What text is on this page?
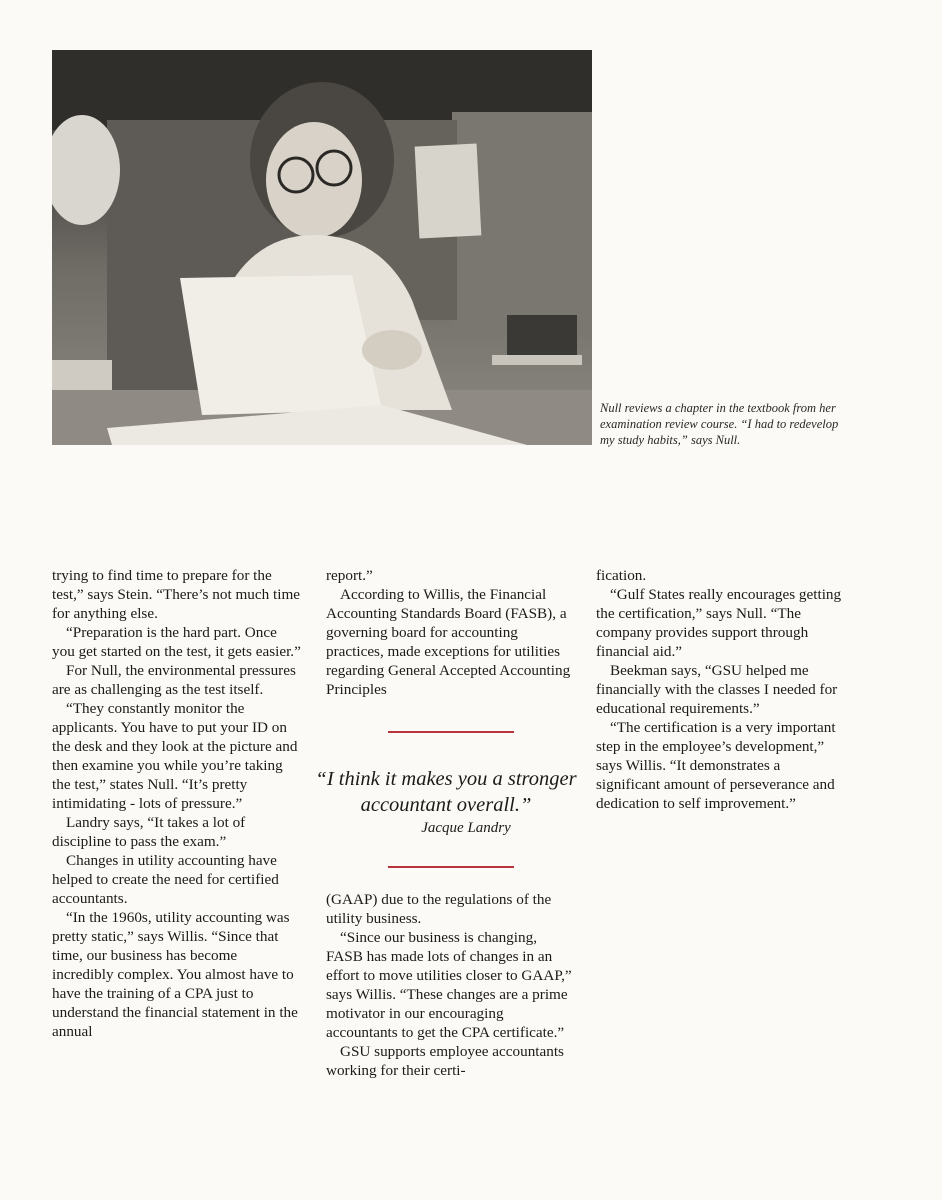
Null reviews a chapter in the textbook from her examination review course. “I had to redevelop my study habits,” says Null.

trying to find time to prepare for the test,” says Stein. “There’s not much time for anything else.

“Preparation is the hard part. Once you get started on the test, it gets easier.”

For Null, the environmental pressures are as challenging as the test itself.

“They constantly monitor the applicants. You have to put your ID on the desk and they look at the picture and then examine you while you’re taking the test,” states Null. “It’s pretty intimidating - lots of pressure.”

Landry says, “It takes a lot of discipline to pass the exam.”

Changes in utility accounting have helped to create the need for certified accountants.

“In the 1960s, utility accounting was pretty static,” says Willis. “Since that time, our business has become incredibly complex. You almost have to have the training of a CPA just to understand the financial statement in the annual

report.”

According to Willis, the Financial Accounting Standards Board (FASB), a governing board for accounting practices, made exceptions for utilities regarding General Accepted Accounting Principles

“I think it makes you a stronger accountant overall.”
Jacque Landry

(GAAP) due to the regulations of the utility business.

“Since our business is changing, FASB has made lots of changes in an effort to move utilities closer to GAAP,” says Willis. “These changes are a prime motivator in our encouraging accountants to get the CPA certificate.”

GSU supports employee accountants working for their certi-

fication.

“Gulf States really encourages getting the certification,” says Null. “The company provides support through financial aid.”

Beekman says, “GSU helped me financially with the classes I needed for educational requirements.”

“The certification is a very important step in the employee’s development,” says Willis. “It demonstrates a significant amount of perseverance and dedication to self improvement.”
